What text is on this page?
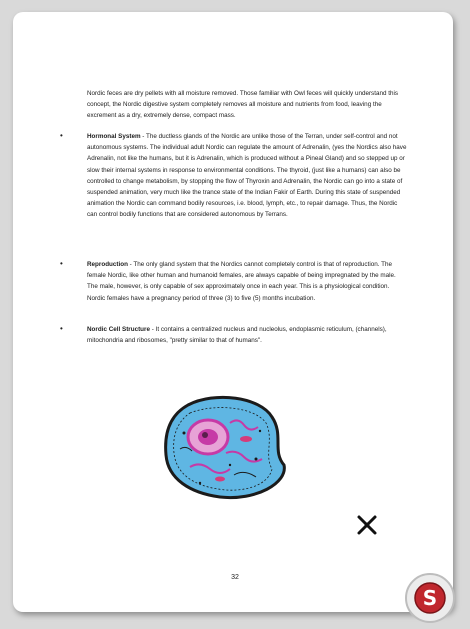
Nordic feces are dry pellets with all moisture removed. Those familiar with Owl feces will quickly understand this concept, the Nordic digestive system completely removes all moisture and nutrients from food, leaving the excrement as a dry, extremely dense, compact mass.
•	Hormonal System - The ductless glands of the Nordic are unlike those of the Terran, under self-control and not autonomous systems. The individual adult Nordic can regulate the amount of Adrenalin, (yes the Nordics also have Adrenalin, not like the humans, but it is Adrenalin, which is produced without a Pineal Gland) and so stepped up or slow their internal systems in response to environmental conditions. The thyroid, (just like a humans) can also be controlled to change metabolism, by stopping the flow of Thyroxin and Adrenalin, the Nordic can go into a state of suspended animation, very much like the trance state of the Indian Fakir of Earth. During this state of suspended animation the Nordic can command bodily resources, i.e. blood, lymph, etc., to repair damage. Thus, the Nordic can control bodily functions that are considered autonomous by Terrans.
•	Reproduction - The only gland system that the Nordics cannot completely control is that of reproduction. The female Nordic, like other human and humanoid females, are always capable of being impregnated by the male. The male, however, is only capable of sex approximately once in each year. This is a physiological condition. Nordic females have a pregnancy period of three (3) to five (5) months incubation.
•	Nordic Cell Structure - It contains a centralized nucleus and nucleolus, endoplasmic reticulum, (channels), mitochondria and ribosomes, "pretty similar to that of humans".
32
S
